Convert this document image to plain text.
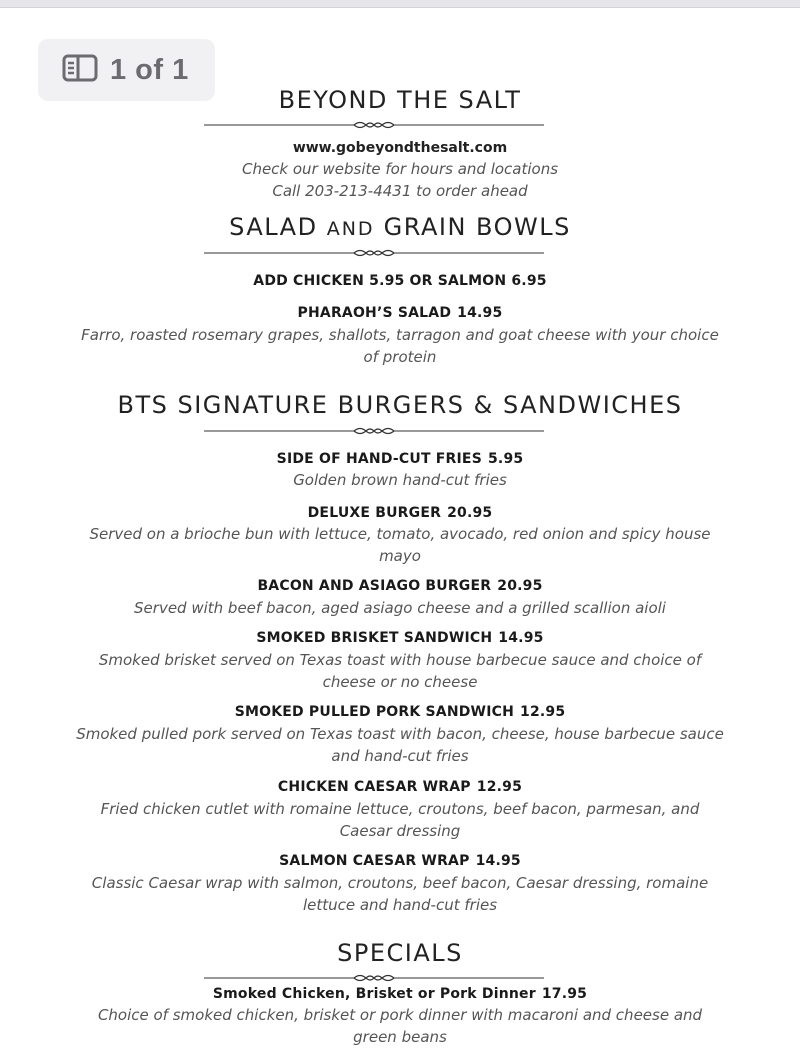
1 of 1
BEYOND THE SALT
www.gobeyondthesalt.com
Check our website for hours and locations
Call 203-213-4431 to order ahead
SALAD AND GRAIN BOWLS
ADD CHICKEN 5.95 OR SALMON 6.95
PHARAOH’S SALAD 14.95
Farro, roasted rosemary grapes, shallots, tarragon and goat cheese with your choice
of protein
BTS SIGNATURE BURGERS & SANDWICHES
SIDE OF HAND-CUT FRIES 5.95
Golden brown hand-cut fries
DELUXE BURGER 20.95
Served on a brioche bun with lettuce, tomato, avocado, red onion and spicy house
mayo
BACON AND ASIAGO BURGER 20.95
Served with beef bacon, aged asiago cheese and a grilled scallion aioli
SMOKED BRISKET SANDWICH 14.95
Smoked brisket served on Texas toast with house barbecue sauce and choice of
cheese or no cheese
SMOKED PULLED PORK SANDWICH 12.95
Smoked pulled pork served on Texas toast with bacon, cheese, house barbecue sauce
and hand-cut fries
CHICKEN CAESAR WRAP 12.95
Fried chicken cutlet with romaine lettuce, croutons, beef bacon, parmesan, and
Caesar dressing
SALMON CAESAR WRAP 14.95
Classic Caesar wrap with salmon, croutons, beef bacon, Caesar dressing, romaine
lettuce and hand-cut fries
SPECIALS
Smoked Chicken, Brisket or Pork Dinner 17.95
Choice of smoked chicken, brisket or pork dinner with macaroni and cheese and
green beans
